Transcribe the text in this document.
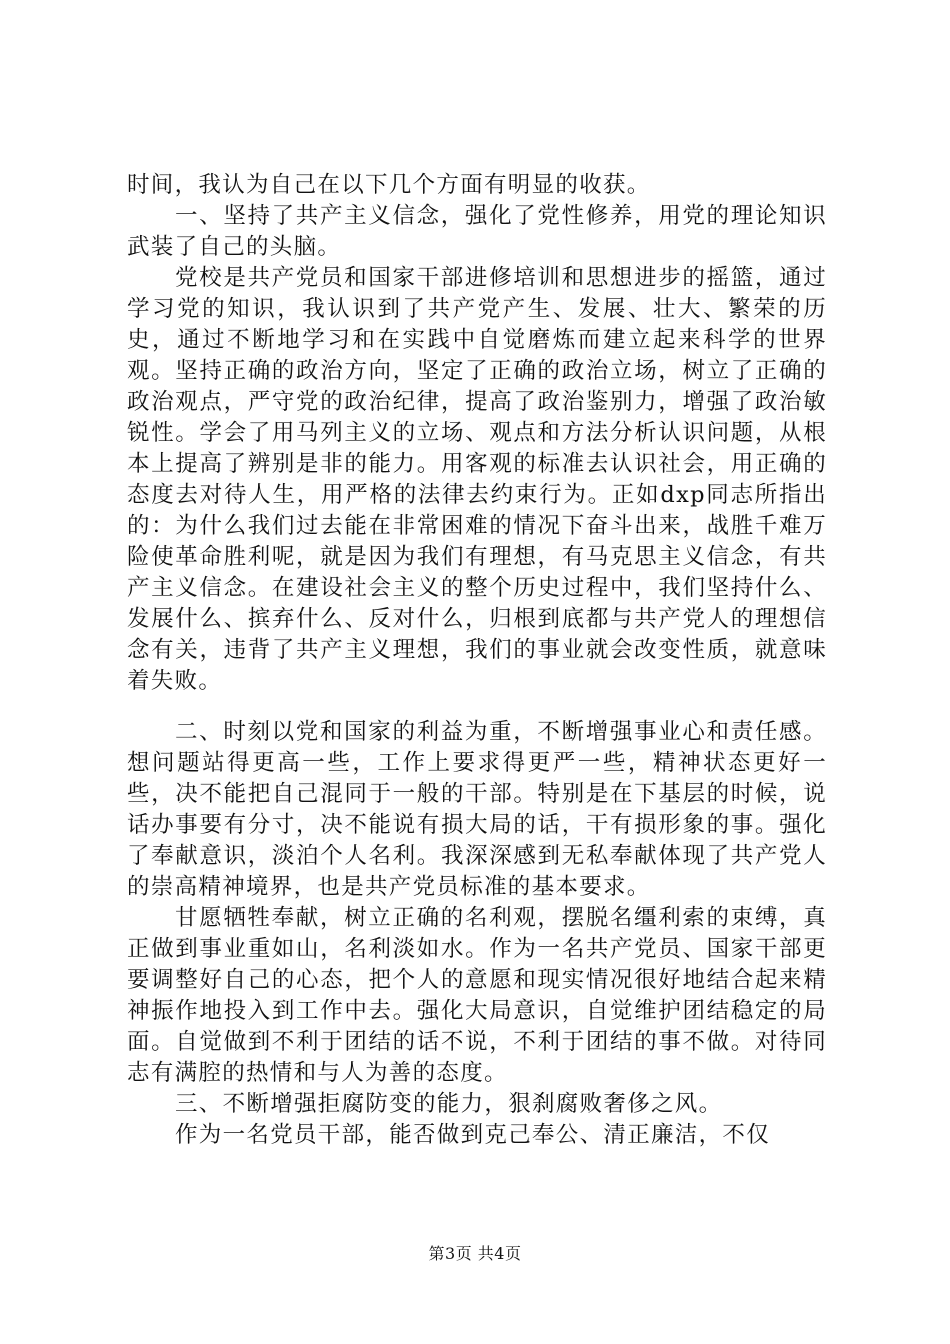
时间，我认为自己在以下几个方面有明显的收获。

一、坚持了共产主义信念，强化了党性修养，用党的理论知识武装了自己的头脑。

党校是共产党员和国家干部进修培训和思想进步的摇篮，通过学习党的知识，我认识到了共产党产生、发展、壮大、繁荣的历史，通过不断地学习和在实践中自觉磨炼而建立起来科学的世界观。坚持正确的政治方向，坚定了正确的政治立场，树立了正确的政治观点，严守党的政治纪律，提高了政治鉴别力，增强了政治敏锐性。学会了用马列主义的立场、观点和方法分析认识问题，从根本上提高了辨别是非的能力。用客观的标准去认识社会，用正确的态度去对待人生，用严格的法律去约束行为。正如dxp同志所指出的：为什么我们过去能在非常困难的情况下奋斗出来，战胜千难万险使革命胜利呢，就是因为我们有理想，有马克思主义信念，有共产主义信念。在建设社会主义的整个历史过程中，我们坚持什么、发展什么、摈弃什么、反对什么，归根到底都与共产党人的理想信念有关，违背了共产主义理想，我们的事业就会改变性质，就意味着失败。

二、时刻以党和国家的利益为重，不断增强事业心和责任感。想问题站得更高一些，工作上要求得更严一些，精神状态更好一些，决不能把自己混同于一般的干部。特别是在下基层的时候，说话办事要有分寸，决不能说有损大局的话，干有损形象的事。强化了奉献意识，淡泊个人名利。我深深感到无私奉献体现了共产党人的崇高精神境界，也是共产党员标准的基本要求。

甘愿牺牲奉献，树立正确的名利观，摆脱名缰利索的束缚，真正做到事业重如山，名利淡如水。作为一名共产党员、国家干部更要调整好自己的心态，把个人的意愿和现实情况很好地结合起来精神振作地投入到工作中去。强化大局意识，自觉维护团结稳定的局面。自觉做到不利于团结的话不说，不利于团结的事不做。对待同志有满腔的热情和与人为善的态度。

三、不断增强拒腐防变的能力，狠刹腐败奢侈之风。

作为一名党员干部，能否做到克己奉公、清正廉洁，不仅

第3页 共4页
